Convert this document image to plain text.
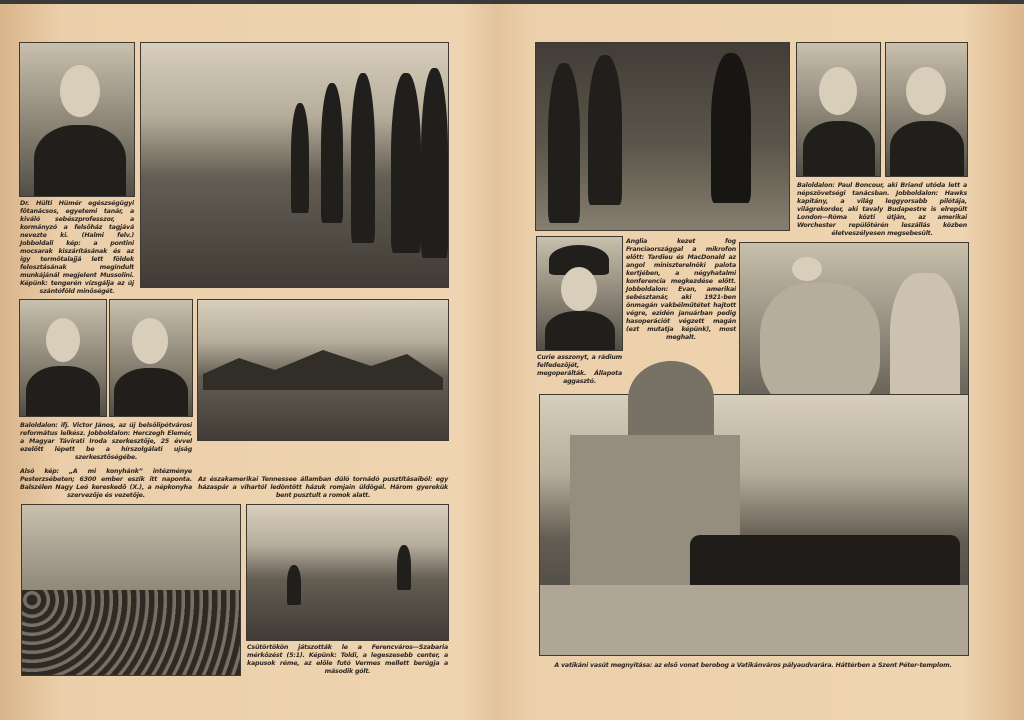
Dr. Hülti Hümér egészségügyi főtanácsos, egyetemi tanár, a kiváló sebészprofesszor, a kormányzó a felsőház tagjává nevezte ki. (Halmi felv.) Jobboldali kép: a pontini mocsarak kiszárításának és az így termőtalajjá lett földek felosztásának megindult munkájánál megjelent Mussolini. Képünk: tengerén vízsgálja az új szántóföld minőségét.
Baloldalon: ifj. Victor János, az új belsőlipótvárosi református lelkész. Jobboldalon: Herczegh Elemér, a Magyar Távirati Iroda szerkesztője, 25 évvel ezelőtt lépett be a hírszolgálati ujság szerkesztőségébe.
Alsó kép: „A mi konyhánk” intézménye Pesterzsébeten; 6300 ember eszik itt naponta. Balszélen Nagy Leó kereskedő (X.), a népkonyha szervezője és vezetője.
Az északamerikai Tennessee államban dúló tornádó pusztításaiból: egy házaspár a vihartól ledöntött házuk romjain üldögél. Három gyerekük bent pusztult a romok alatt.
Csütörtökön játszották le a Ferencváros—Szabaria mérkőzést (5:1). Képünk: Toldi, a legeszesebb center, a kapusok réme, az előle futó Vermes mellett berúgja a második gólt.
Baloldalon: Paul Boncour, aki Briand utóda lett a népszövetségi tanácsban. Jobboldalon: Hawks kapitány, a világ leggyorsabb pilótája, világrekorder, aki tavaly Budapestre is elrepült London—Róma közti útján, az amerikai Worchester repülőtérén leszállás közben életveszélyesen megsebesült.
Curie asszonyt, a rádium felfedezőjét, megoperálták. Állapota aggasztó.
Anglia kezet fog Franciaországgal a mikrofon előtt: Tardieu és MacDonald az angol miniszterelnöki palota kertjében, a négyhatalmi konferencia megkezdése előtt. Jobboldalon: Evan, amerikai sebésztanár, aki 1921-ben önmagán vakbélműtétet hajtott végre, ezidén januárban pedig hasoperációt végzett magán (ezt mutatja képünk), most meghalt.
A vatikáni vasút megnyitása: az első vonat berobog a Vatikánváros pályaudvarára. Háttérben a Szent Péter-templom.
